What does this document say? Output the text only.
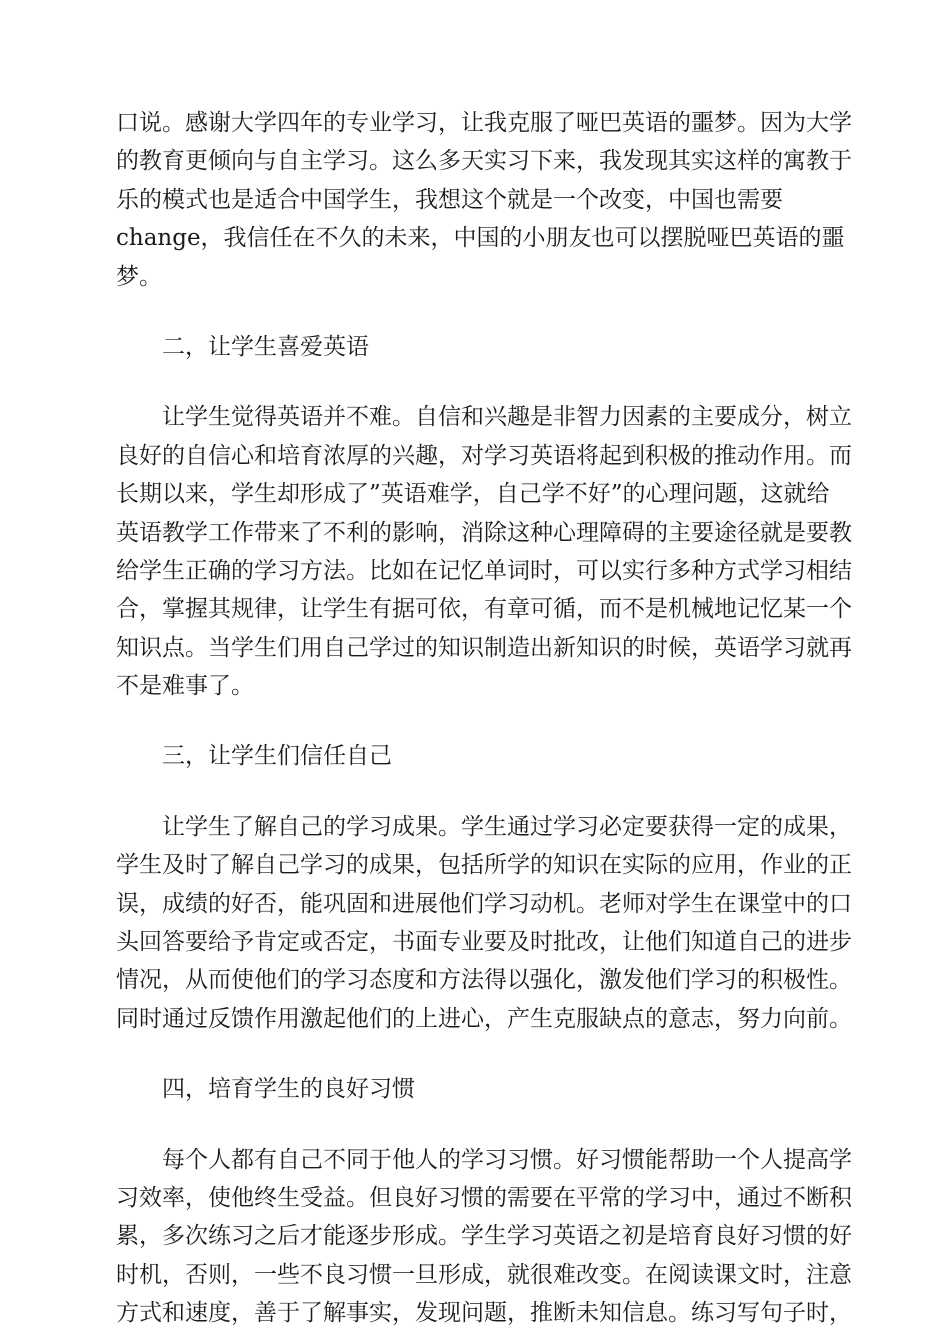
口说。感谢大学四年的专业学习，让我克服了哑巴英语的噩梦。因为大学
的教育更倾向与自主学习。这么多天实习下来，我发现其实这样的寓教于
乐的模式也是适合中国学生，我想这个就是一个改变，中国也需要
change，我信任在不久的未来，中国的小朋友也可以摆脱哑巴英语的噩
梦。
二，让学生喜爱英语
　　让学生觉得英语并不难。自信和兴趣是非智力因素的主要成分，树立
良好的自信心和培育浓厚的兴趣，对学习英语将起到积极的推动作用。而
长期以来，学生却形成了”英语难学，自己学不好”的心理问题，这就给
英语教学工作带来了不利的影响，消除这种心理障碍的主要途径就是要教
给学生正确的学习方法。比如在记忆单词时，可以实行多种方式学习相结
合，掌握其规律，让学生有据可依，有章可循，而不是机械地记忆某一个
知识点。当学生们用自己学过的知识制造出新知识的时候，英语学习就再
不是难事了。
三，让学生们信任自己
　　让学生了解自己的学习成果。学生通过学习必定要获得一定的成果，
学生及时了解自己学习的成果，包括所学的知识在实际的应用，作业的正
误，成绩的好否，能巩固和进展他们学习动机。老师对学生在课堂中的口
头回答要给予肯定或否定，书面专业要及时批改，让他们知道自己的进步
情况，从而使他们的学习态度和方法得以强化，激发他们学习的积极性。
同时通过反馈作用激起他们的上进心，产生克服缺点的意志，努力向前。
四，培育学生的良好习惯
　　每个人都有自己不同于他人的学习习惯。好习惯能帮助一个人提高学
习效率，使他终生受益。但良好习惯的需要在平常的学习中，通过不断积
累，多次练习之后才能逐步形成。学生学习英语之初是培育良好习惯的好
时机，否则，一些不良习惯一旦形成，就很难改变。在阅读课文时，注意
方式和速度，善于了解事实，发现问题，推断未知信息。练习写句子时，
